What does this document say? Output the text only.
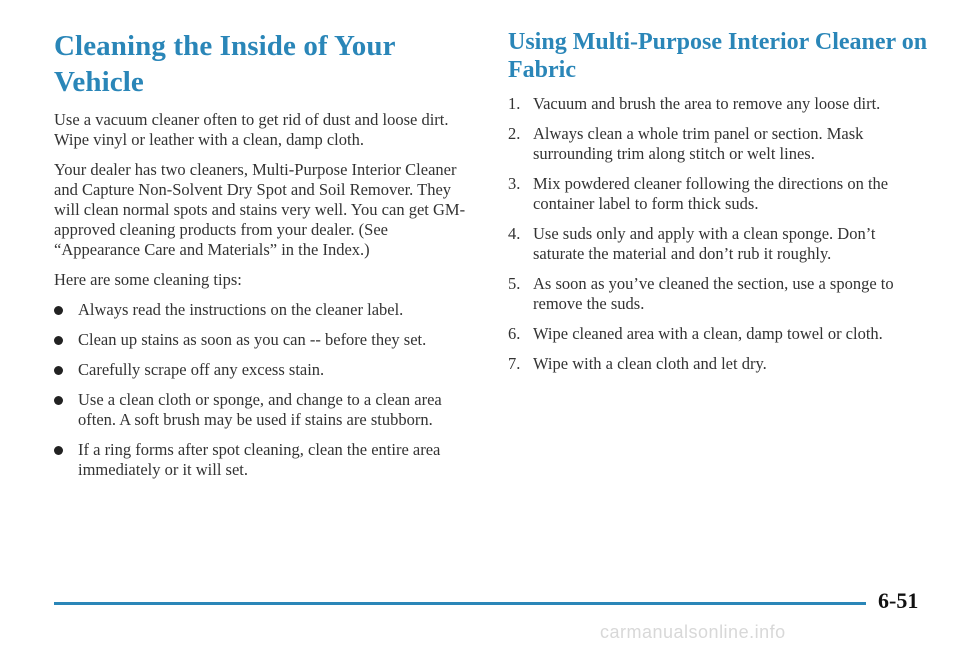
Cleaning the Inside of Your Vehicle

Use a vacuum cleaner often to get rid of dust and loose dirt. Wipe vinyl or leather with a clean, damp cloth.

Your dealer has two cleaners, Multi-Purpose Interior Cleaner and Capture Non-Solvent Dry Spot and Soil Remover. They will clean normal spots and stains very well. You can get GM-approved cleaning products from your dealer. (See “Appearance Care and Materials” in the Index.)

Here are some cleaning tips:

Always read the instructions on the cleaner label.
Clean up stains as soon as you can -- before they set.
Carefully scrape off any excess stain.
Use a clean cloth or sponge, and change to a clean area often. A soft brush may be used if stains are stubborn.
If a ring forms after spot cleaning, clean the entire area immediately or it will set.
Using Multi-Purpose Interior Cleaner on Fabric
1. Vacuum and brush the area to remove any loose dirt.
2. Always clean a whole trim panel or section. Mask surrounding trim along stitch or welt lines.
3. Mix powdered cleaner following the directions on the container label to form thick suds.
4. Use suds only and apply with a clean sponge. Don’t saturate the material and don’t rub it roughly.
5. As soon as you’ve cleaned the section, use a sponge to remove the suds.
6. Wipe cleaned area with a clean, damp towel or cloth.
7. Wipe with a clean cloth and let dry.
6-51
carmanualsonline.info
